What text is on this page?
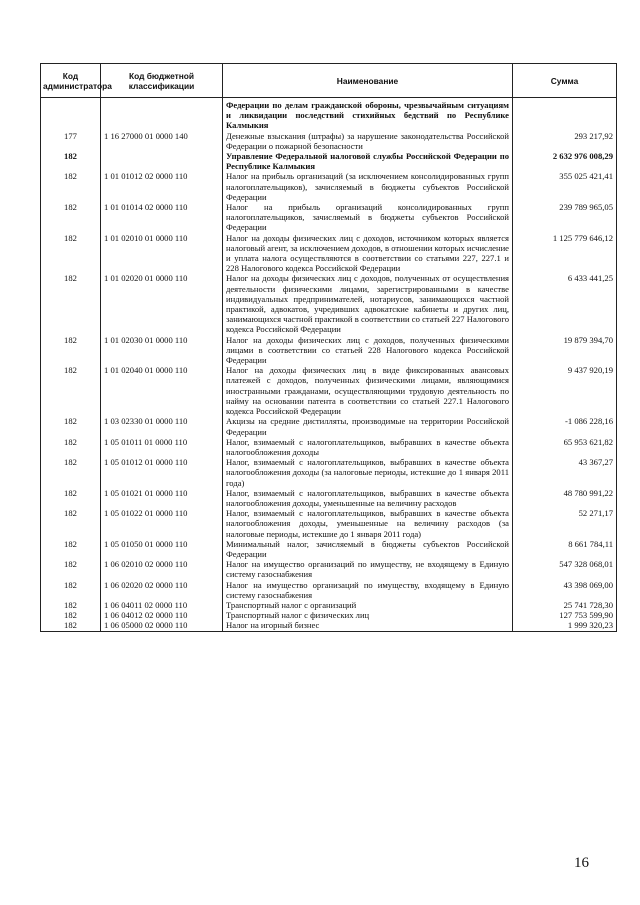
Код администратора	Код бюджетной классификации	Наименование	Сумма

		Федерации по делам гражданской обороны, чрезвычайным ситуациям и ликвидации последствий стихийных бедствий по Республике Калмыкия	
177	1 16 27000 01 0000 140	Денежные взыскания (штрафы) за нарушение законодательства Российской Федерации о пожарной безопасности	293 217,92
182		Управление Федеральной налоговой службы Российской Федерации по Республике Калмыкия	2 632 976 008,29
182	1 01 01012 02 0000 110	Налог на прибыль организаций (за исключением консолидированных групп налогоплательщиков), зачисляемый в бюджеты субъектов Российской Федерации	355 025 421,41
182	1 01 01014 02 0000 110	Налог на прибыль организаций консолидированных групп налогоплательщиков, зачисляемый в бюджеты субъектов Российской Федерации	239 789 965,05
182	1 01 02010 01 0000 110	Налог на доходы физических лиц с доходов, источником которых является налоговый агент, за исключением доходов, в отношении которых исчисление и уплата налога осуществляются в соответствии со статьями 227, 227.1 и 228 Налогового кодекса Российской Федерации	1 125 779 646,12
182	1 01 02020 01 0000 110	Налог на доходы физических лиц с доходов, полученных от осуществления деятельности физическими лицами, зарегистрированными в качестве индивидуальных предпринимателей, нотариусов, занимающихся частной практикой, адвокатов, учредивших адвокатские кабинеты и других лиц, занимающихся частной практикой в соответствии со статьей 227 Налогового кодекса Российской Федерации	6 433 441,25
182	1 01 02030 01 0000 110	Налог на доходы физических лиц с доходов, полученных физическими лицами в соответствии со статьей 228 Налогового кодекса Российской Федерации	19 879 394,70
182	1 01 02040 01 0000 110	Налог на доходы физических лиц в виде фиксированных авансовых платежей с доходов, полученных физическими лицами, являющимися иностранными гражданами, осуществляющими трудовую деятельность по найму на основании патента в соответствии со статьей 227.1 Налогового кодекса Российской Федерации	9 437 920,19
182	1 03 02330 01 0000 110	Акцизы на средние дистилляты, производимые на территории Российской Федерации	-1 086 228,16
182	1 05 01011 01 0000 110	Налог, взимаемый с налогоплательщиков, выбравших в качестве объекта налогообложения доходы	65 953 621,82
182	1 05 01012 01 0000 110	Налог, взимаемый с налогоплательщиков, выбравших в качестве объекта налогообложения доходы (за налоговые периоды, истекшие до 1 января 2011 года)	43 367,27
182	1 05 01021 01 0000 110	Налог, взимаемый с налогоплательщиков, выбравших в качестве объекта налогообложения доходы, уменьшенные на величину расходов	48 780 991,22
182	1 05 01022 01 0000 110	Налог, взимаемый с налогоплательщиков, выбравших в качестве объекта налогообложения доходы, уменьшенные на величину расходов (за налоговые периоды, истекшие до 1 января 2011 года)	52 271,17
182	1 05 01050 01 0000 110	Минимальный налог, зачисляемый в бюджеты субъектов Российской Федерации	8 661 784,11
182	1 06 02010 02 0000 110	Налог на имущество организаций по имуществу, не входящему в Единую систему газоснабжения	547 328 068,01
182	1 06 02020 02 0000 110	Налог на имущество организаций по имуществу, входящему в Единую систему газоснабжения	43 398 069,00
182	1 06 04011 02 0000 110	Транспортный налог с организаций	25 741 728,30
182	1 06 04012 02 0000 110	Транспортный налог с физических лиц	127 753 599,90
182	1 06 05000 02 0000 110	Налог на игорный бизнес	1 999 320,23
16
